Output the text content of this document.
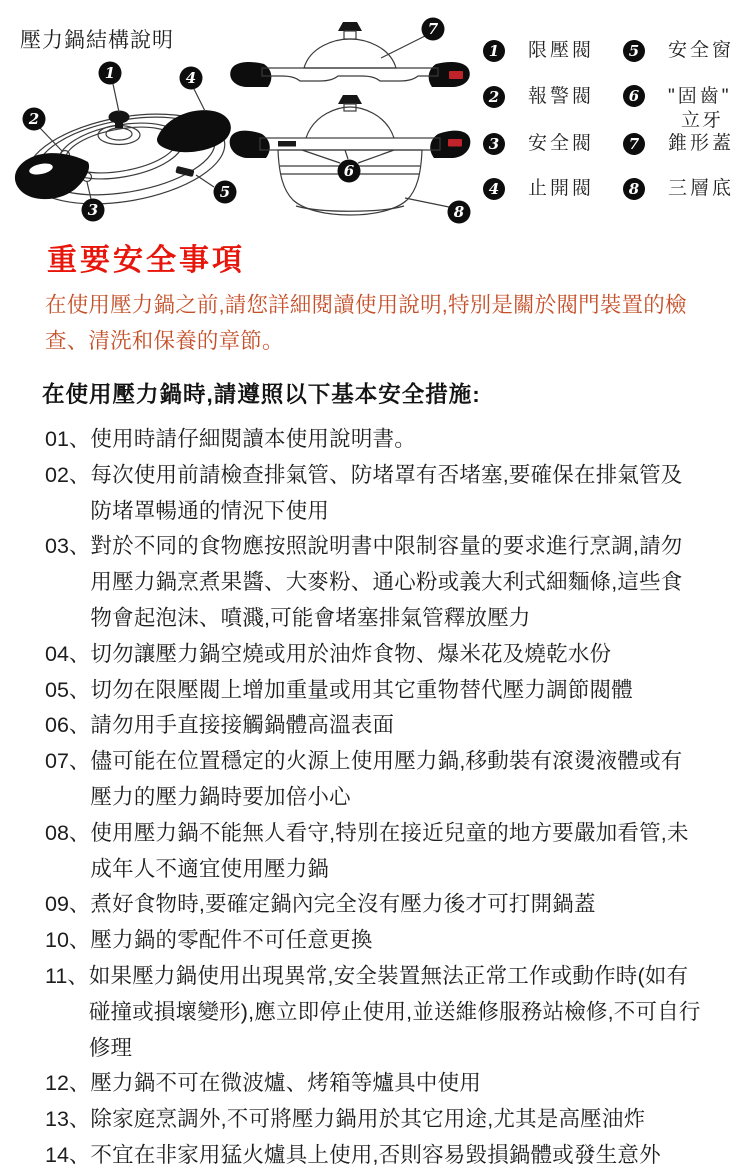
壓力鍋結構說明
1
2
3
4
5
7
6
8
1	限壓閥
2	報警閥
3	安全閥
4	止開閥
5	安全窗
6	"固齒"
立牙
7	錐形蓋
8	三層底
重要安全事項
在使用壓力鍋之前,請您詳細閱讀使用說明,特別是關於閥門裝置的檢查、清洗和保養的章節。
在使用壓力鍋時,請遵照以下基本安全措施:
01、 使用時請仔細閱讀本使用說明書。
02、 每次使用前請檢查排氣管、防堵罩有否堵塞,要確保在排氣管及防堵罩暢通的情況下使用
03、 對於不同的食物應按照說明書中限制容量的要求進行烹調,請勿用壓力鍋烹煮果醬、大麥粉、通心粉或義大利式細麵條,這些食物會起泡沫、噴濺,可能會堵塞排氣管釋放壓力
04、 切勿讓壓力鍋空燒或用於油炸食物、爆米花及燒乾水份
05、 切勿在限壓閥上增加重量或用其它重物替代壓力調節閥體
06、 請勿用手直接接觸鍋體高溫表面
07、 儘可能在位置穩定的火源上使用壓力鍋,移動裝有滾燙液體或有壓力的壓力鍋時要加倍小心
08、 使用壓力鍋不能無人看守,特別在接近兒童的地方要嚴加看管,未成年人不適宜使用壓力鍋
09、 煮好食物時,要確定鍋內完全沒有壓力後才可打開鍋蓋
10、 壓力鍋的零配件不可任意更換
11、 如果壓力鍋使用出現異常,安全裝置無法正常工作或動作時(如有碰撞或損壞變形),應立即停止使用,並送維修服務站檢修,不可自行修理
12、 壓力鍋不可在微波爐、烤箱等爐具中使用
13、 除家庭烹調外,不可將壓力鍋用於其它用途,尤其是高壓油炸
14、 不宜在非家用猛火爐具上使用,否則容易毀損鍋體或發生意外
